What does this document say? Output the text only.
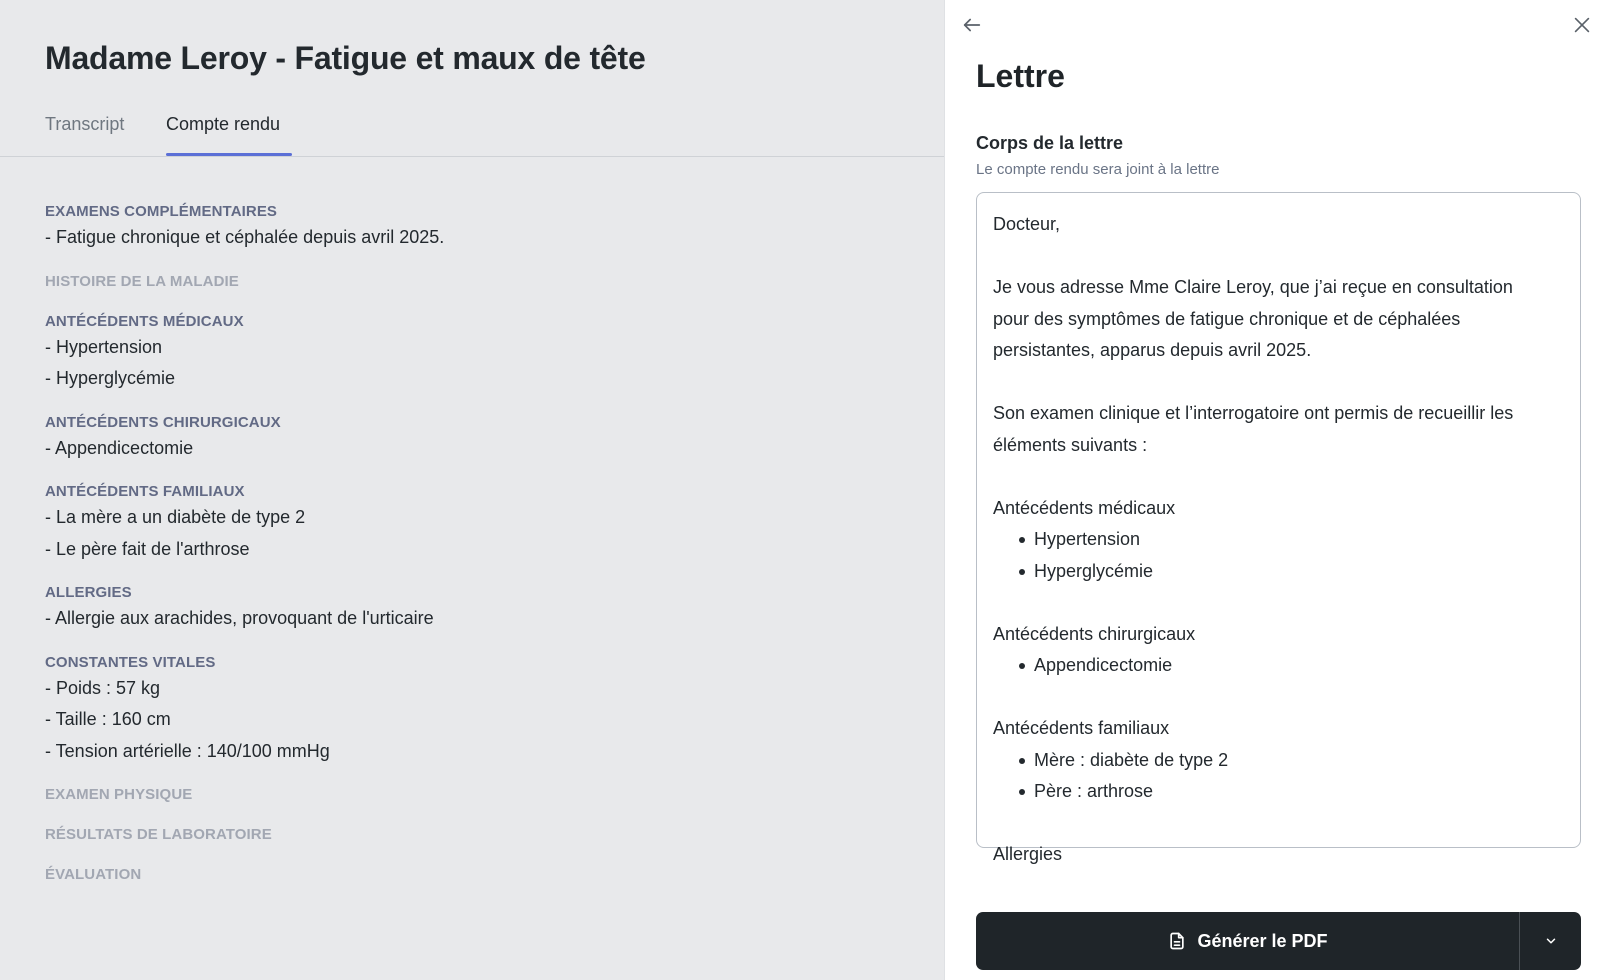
Madame Leroy - Fatigue et maux de tête
Transcript Compte rendu
EXAMENS COMPLÉMENTAIRES
- Fatigue chronique et céphalée depuis avril 2025.
HISTOIRE DE LA MALADIE
ANTÉCÉDENTS MÉDICAUX
- Hypertension
- Hyperglycémie
ANTÉCÉDENTS CHIRURGICAUX
- Appendicectomie
ANTÉCÉDENTS FAMILIAUX
- La mère a un diabète de type 2
- Le père fait de l'arthrose
ALLERGIES
- Allergie aux arachides, provoquant de l'urticaire
CONSTANTES VITALES
- Poids : 57 kg
- Taille : 160 cm
- Tension artérielle : 140/100 mmHg
EXAMEN PHYSIQUE
RÉSULTATS DE LABORATOIRE
ÉVALUATION
Lettre
Corps de la lettre
Le compte rendu sera joint à la lettre
Docteur,
Je vous adresse Mme Claire Leroy, que j’ai reçue en consultation
pour des symptômes de fatigue chronique et de céphalées
persistantes, apparus depuis avril 2025.
Son examen clinique et l’interrogatoire ont permis de recueillir les
éléments suivants :
Antécédents médicaux
Hypertension
Hyperglycémie
Antécédents chirurgicaux
Appendicectomie
Antécédents familiaux
Mère : diabète de type 2
Père : arthrose
Allergies
Générer le PDF
